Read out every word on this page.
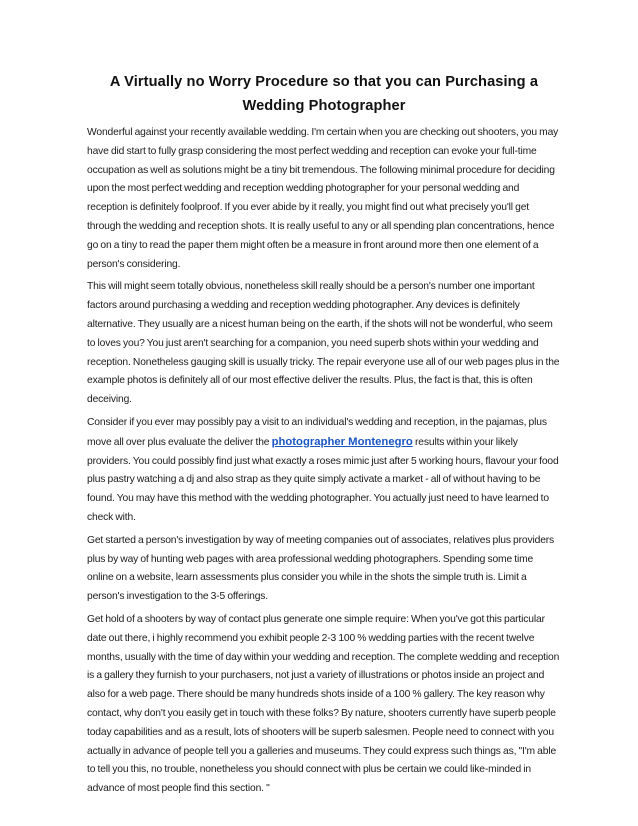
A Virtually no Worry Procedure so that you can Purchasing a Wedding Photographer

Wonderful against your recently available wedding. I'm certain when you are checking out shooters, you may have did start to fully grasp considering the most perfect wedding and reception can evoke your full-time occupation as well as solutions might be a tiny bit tremendous. The following minimal procedure for deciding upon the most perfect wedding and reception wedding photographer for your personal wedding and reception is definitely foolproof. If you ever abide by it really, you might find out what precisely you'll get through the wedding and reception shots. It is really useful to any or all spending plan concentrations, hence go on a tiny to read the paper them might often be a measure in front around more then one element of a person's considering.

This will might seem totally obvious, nonetheless skill really should be a person's number one important factors around purchasing a wedding and reception wedding photographer. Any devices is definitely alternative. They usually are a nicest human being on the earth, if the shots will not be wonderful, who seem to loves you? You just aren't searching for a companion, you need superb shots within your wedding and reception. Nonetheless gauging skill is usually tricky. The repair everyone use all of our web pages plus in the example photos is definitely all of our most effective deliver the results. Plus, the fact is that, this is often deceiving.

Consider if you ever may possibly pay a visit to an individual's wedding and reception, in the pajamas, plus move all over plus evaluate the deliver the photographer Montenegro results within your likely providers. You could possibly find just what exactly a roses mimic just after 5 working hours, flavour your food plus pastry watching a dj and also strap as they quite simply activate a market - all of without having to be found. You may have this method with the wedding photographer. You actually just need to have learned to check with.

Get started a person's investigation by way of meeting companies out of associates, relatives plus providers plus by way of hunting web pages with area professional wedding photographers. Spending some time online on a website, learn assessments plus consider you while in the shots the simple truth is. Limit a person's investigation to the 3-5 offerings.

Get hold of a shooters by way of contact plus generate one simple require: When you've got this particular date out there, i highly recommend you exhibit people 2-3 100 % wedding parties with the recent twelve months, usually with the time of day within your wedding and reception. The complete wedding and reception is a gallery they furnish to your purchasers, not just a variety of illustrations or photos inside an project and also for a web page. There should be many hundreds shots inside of a 100 % gallery. The key reason why contact, why don't you easily get in touch with these folks? By nature, shooters currently have superb people today capabilities and as a result, lots of shooters will be superb salesmen. People need to connect with you actually in advance of people tell you a galleries and museums. They could express such things as, "I'm able to tell you this, no trouble, nonetheless you should connect with plus be certain we could like-minded in advance of most people find this section. "
